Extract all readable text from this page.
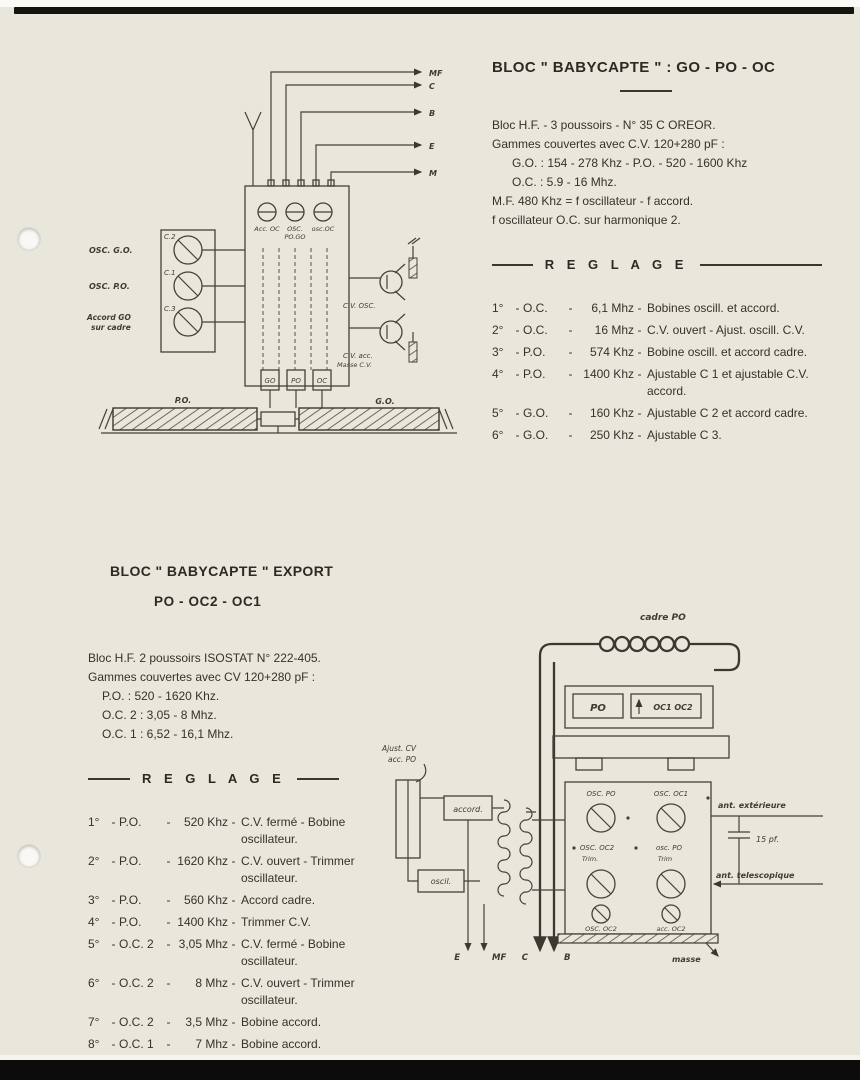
MF
C
B
E
M
Acc. OC OSC.
PO.GO
osc.OC
C.2
C.1
C.3
OSC. G.O.
OSC. P.O.
Accord GO
sur cadre
C.V. OSC.
C.V. acc.
GO PO OC
Masse C.V.
P.O.	G.O.
BLOC " BABYCAPTE " : GO - PO - OC

Bloc H.F. - 3 poussoirs - N° 35 C OREOR.

Gammes couvertes avec C.V. 120+280 pF :

G.O. : 154 - 278 Khz - P.O. - 520 - 1600 Khz

O.C. : 5.9 - 16 Mhz.

M.F. 480 Khz = f oscillateur - f accord.

f oscillateur O.C. sur harmonique 2.

R E G L A G E
1°	- O.C.	-	6,1 Mhz - Bobines oscill. et accord.
2°	- O.C.	-	16 Mhz - C.V. ouvert - Ajust. oscill. C.V.
3°	- P.O.	-	574 Khz - Bobine oscill. et accord cadre.
4°	- P.O.	- 1400 Khz - Ajustable C 1 et ajustable C.V. accord.
5°	- G.O.	-	160 Khz - Ajustable C 2 et accord cadre.
6°	- G.O.	-	250 Khz - Ajustable C 3.
BLOC " BABYCAPTE " EXPORT
PO - OC2 - OC1

Bloc H.F. 2 poussoirs ISOSTAT N° 222-405.

Gammes couvertes avec CV 120+280 pF :

P.O. : 520 - 1620 Khz.

O.C. 2 : 3,05 - 8 Mhz.

O.C. 1 : 6,52 - 16,1 Mhz.

R E G L A G E
1°	- P.O.	-	520 Khz - C.V. fermé - Bobine oscillateur.
2°	- P.O.	- 1620 Khz - C.V. ouvert - Trimmer oscillateur.
3°	- P.O.	-	560 Khz - Accord cadre.
4°	- P.O.	- 1400 Khz - Trimmer C.V.
5°	- O.C. 2	- 3,05 Mhz - C.V. fermé - Bobine oscillateur.
6°	- O.C. 2	-	8 Mhz - C.V. ouvert - Trimmer oscillateur.
7°	- O.C. 2	-	3,5 Mhz - Bobine accord.
8°	- O.C. 1	-	7 Mhz - Bobine accord.
cadre PO
C	B
PO	OC1 OC2
OSC. PO	OSC. OC1
OSC. OC2	osc. PO
Trim.	Trim
OSC. OC2	acc. OC2
ant. extérieure
15 pf.
ant. telescopique
masse
Ajust. CV
acc. PO
accord.
oscil.
E	MF
